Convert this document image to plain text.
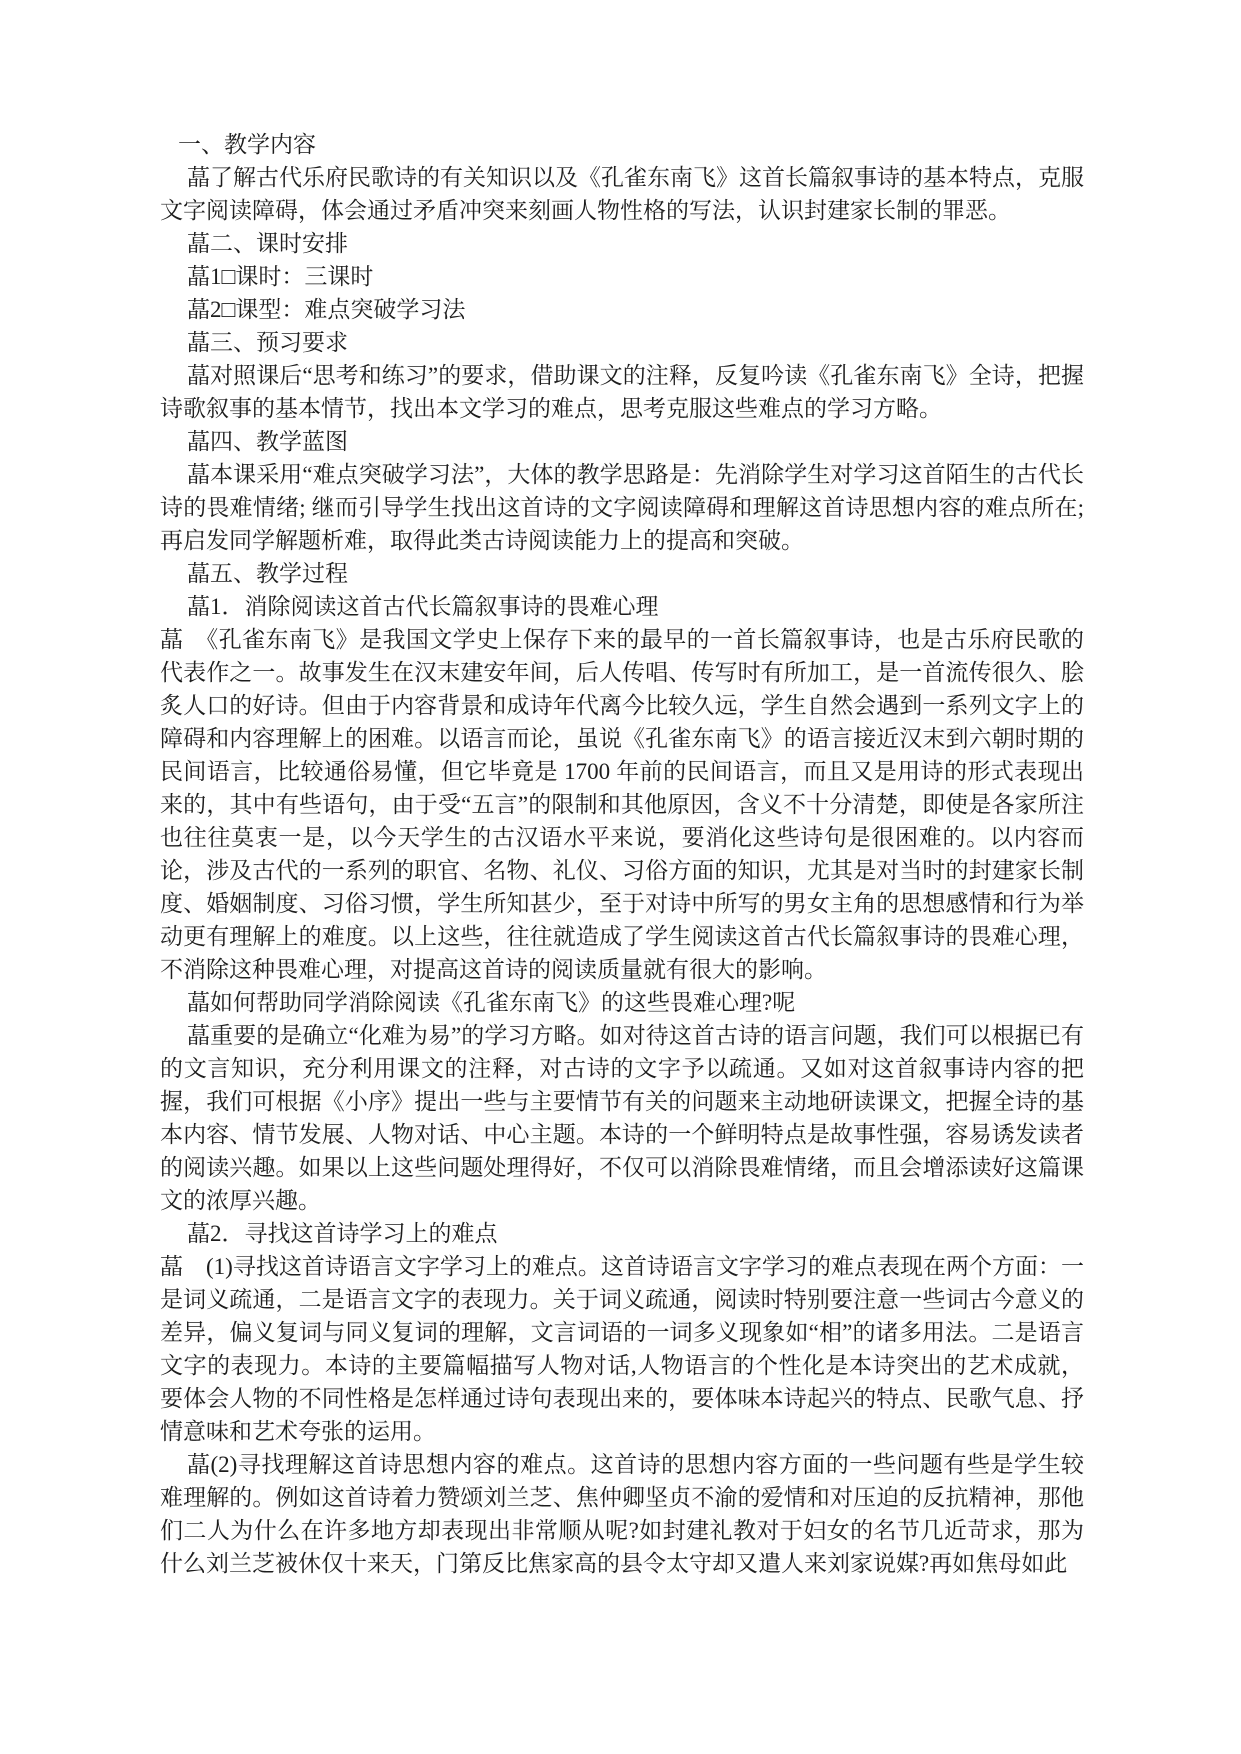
一、教学内容

蕌了解古代乐府民歌诗的有关知识以及《孔雀东南飞》这首长篇叙事诗的基本特点，克服文字阅读障碍，体会通过矛盾冲突来刻画人物性格的写法，认识封建家长制的罪恶。

蕌二、课时安排

蕌1□课时：三课时

蕌2□课型：难点突破学习法

蕌三、预习要求

蕌对照课后“思考和练习”的要求，借助课文的注释，反复吟读《孔雀东南飞》全诗，把握诗歌叙事的基本情节，找出本文学习的难点，思考克服这些难点的学习方略。

蕌四、教学蓝图

蕌本课采用“难点突破学习法”，大体的教学思路是：先消除学生对学习这首陌生的古代长诗的畏难情绪; 继而引导学生找出这首诗的文字阅读障碍和理解这首诗思想内容的难点所在; 再启发同学解题析难，取得此类古诗阅读能力上的提高和突破。

蕌五、教学过程

蕌1．消除阅读这首古代长篇叙事诗的畏难心理

蕌　《孔雀东南飞》是我国文学史上保存下来的最早的一首长篇叙事诗，也是古乐府民歌的代表作之一。故事发生在汉末建安年间，后人传唱、传写时有所加工，是一首流传很久、脍炙人口的好诗。但由于内容背景和成诗年代离今比较久远，学生自然会遇到一系列文字上的障碍和内容理解上的困难。以语言而论，虽说《孔雀东南飞》的语言接近汉末到六朝时期的民间语言，比较通俗易懂，但它毕竟是 1700 年前的民间语言，而且又是用诗的形式表现出来的，其中有些语句，由于受“五言”的限制和其他原因，含义不十分清楚，即使是各家所注也往往莫衷一是，以今天学生的古汉语水平来说，要消化这些诗句是很困难的。以内容而论，涉及古代的一系列的职官、名物、礼仪、习俗方面的知识，尤其是对当时的封建家长制度、婚姻制度、习俗习惯，学生所知甚少，至于对诗中所写的男女主角的思想感情和行为举动更有理解上的难度。以上这些，往往就造成了学生阅读这首古代长篇叙事诗的畏难心理，不消除这种畏难心理，对提高这首诗的阅读质量就有很大的影响。

蕌如何帮助同学消除阅读《孔雀东南飞》的这些畏难心理?呢

蕌重要的是确立“化难为易”的学习方略。如对待这首古诗的语言问题，我们可以根据已有的文言知识，充分利用课文的注释，对古诗的文字予以疏通。又如对这首叙事诗内容的把握，我们可根据《小序》提出一些与主要情节有关的问题来主动地研读课文，把握全诗的基本内容、情节发展、人物对话、中心主题。本诗的一个鲜明特点是故事性强，容易诱发读者的阅读兴趣。如果以上这些问题处理得好，不仅可以消除畏难情绪，而且会增添读好这篇课文的浓厚兴趣。

蕌2．寻找这首诗学习上的难点

蕌　(1)寻找这首诗语言文字学习上的难点。这首诗语言文字学习的难点表现在两个方面：一是词义疏通，二是语言文字的表现力。关于词义疏通，阅读时特别要注意一些词古今意义的差异，偏义复词与同义复词的理解，文言词语的一词多义现象如“相”的诸多用法。二是语言文字的表现力。本诗的主要篇幅描写人物对话,人物语言的个性化是本诗突出的艺术成就，要体会人物的不同性格是怎样通过诗句表现出来的，要体味本诗起兴的特点、民歌气息、抒情意味和艺术夸张的运用。

蕌(2)寻找理解这首诗思想内容的难点。这首诗的思想内容方面的一些问题有些是学生较难理解的。例如这首诗着力赞颂刘兰芝、焦仲卿坚贞不渝的爱情和对压迫的反抗精神，那他们二人为什么在许多地方却表现出非常顺从呢?如封建礼教对于妇女的名节几近苛求，那为什么刘兰芝被休仅十来天，门第反比焦家高的县令太守却又遣人来刘家说媒?再如焦母如此
